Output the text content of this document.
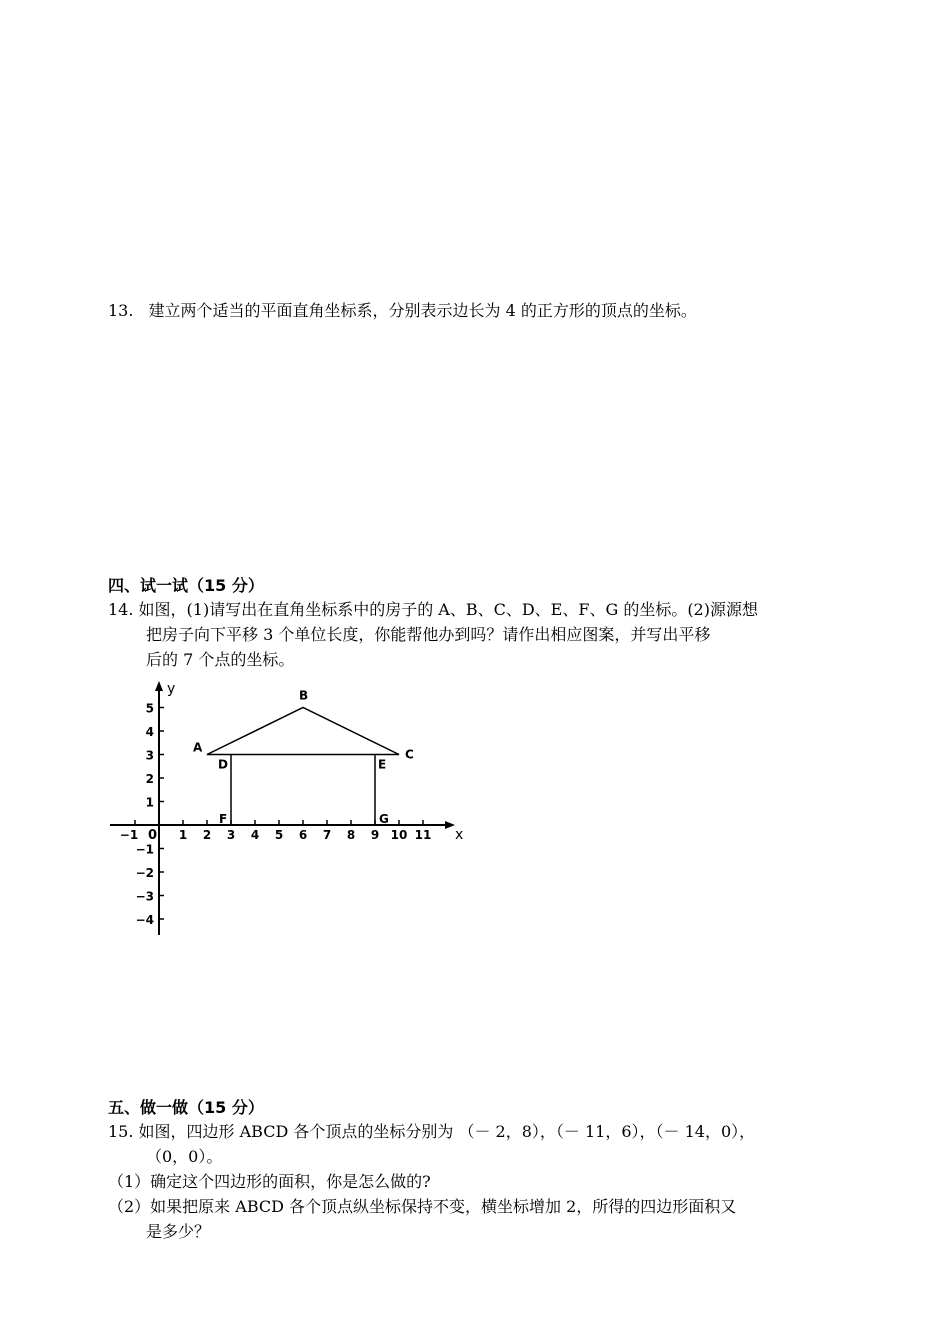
13. 建立两个适当的平面直角坐标系，分别表示边长为 4 的正方形的顶点的坐标。
四、试一试（15 分）
14. 如图，(1)请写出在直角坐标系中的房子的 A、B、C、D、E、F、G 的坐标。(2)源源想
把房子向下平移 3 个单位长度，你能帮他办到吗？请作出相应图案，并写出平移
后的 7 个点的坐标。
x
y
0
−1	1 2 3 4 5 6 7 8 9 10 11
5
4
3
2
1
−1
−2
−3
−4
A
B
C
D	E
F	G
五、做一做（15 分）
15. 如图，四边形 ABCD 各个顶点的坐标分别为 （－ 2，8），（－ 11，6），（－ 14，0），
（0，0）。
（1）确定这个四边形的面积，你是怎么做的?
（2）如果把原来 ABCD 各个顶点纵坐标保持不变，横坐标增加 2，所得的四边形面积又
是多少？
